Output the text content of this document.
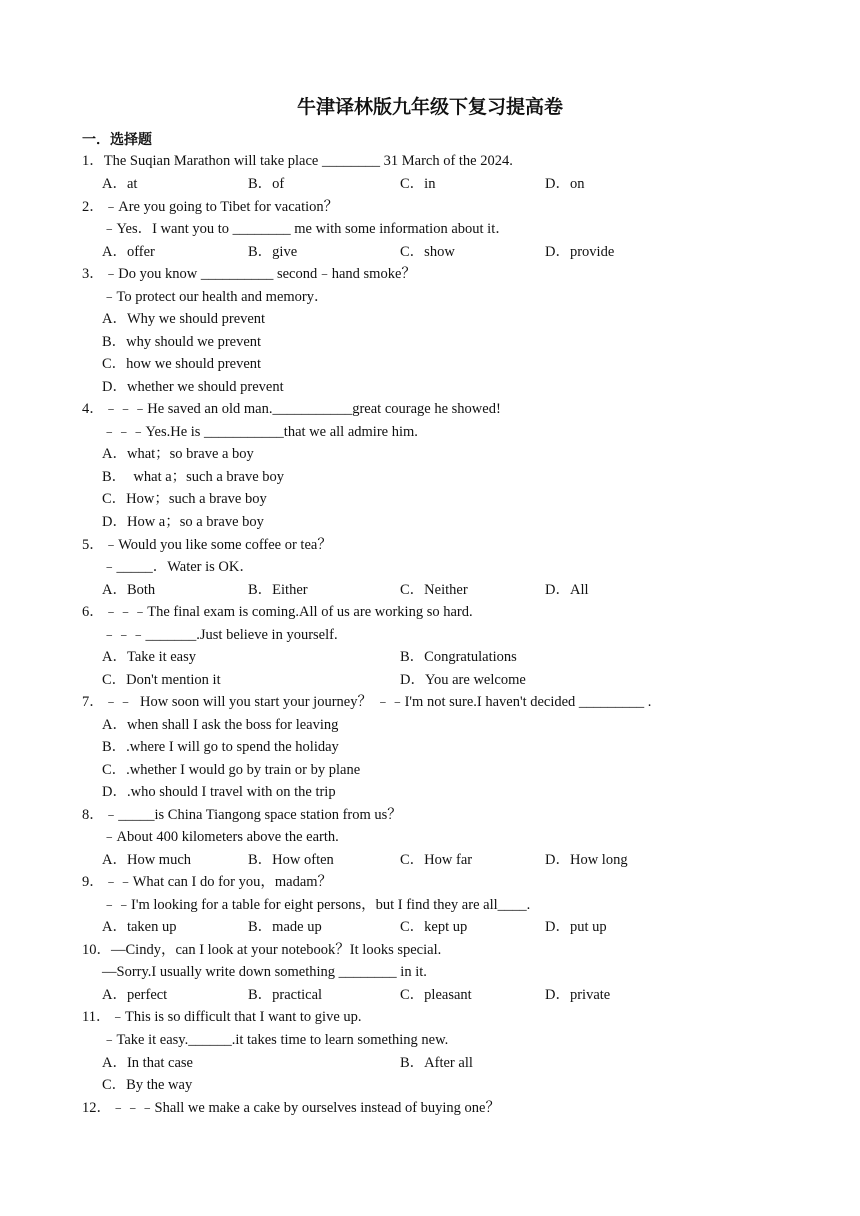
牛津译林版九年级下复习提高卷
一．选择题
1．The Suqian Marathon will take place ________ 31 March of the 2024.
A．at	B．of	C．in	D．on
2．﹣Are you going to Tibet for vacation？
﹣Yes．I want you to ________ me with some information about it．
A．offer	B．give	C．show	D．provide
3．﹣Do you know __________ second﹣hand smoke？
﹣To protect our health and memory．
A．Why we should prevent
B．why should we prevent
C．how we should prevent
D．whether we should prevent
4．﹣﹣﹣He saved an old man.___________great courage he showed!
﹣﹣﹣Yes.He is ___________that we all admire him.
A．what；so brave a boy
B．  what a；such a brave boy
C．How；such a brave boy
D．How a；so a brave boy
5．﹣Would you like some coffee or tea？
﹣_____．Water is OK．
A．Both	B．Either	C．Neither	D．All
6．﹣﹣﹣The final exam is coming.All of us are working so hard.
﹣﹣﹣_______.Just believe in yourself.
A．Take it easy	B．Congratulations
C．Don't mention it	D．You are welcome
7．﹣﹣  How soon will you start your journey？ ﹣﹣I'm not sure.I haven't decided _________ .
A．when shall I ask the boss for leaving
B．.where I will go to spend the holiday
C．.whether I would go by train or by plane
D．.who should I travel with on the trip
8．﹣_____is China Tiangong space station from us？
﹣About 400 kilometers above the earth.
A．How much	B．How often	C．How far	D．How long
9．﹣﹣What can I do for you，madam？
﹣﹣I'm looking for a table for eight persons，but I find they are all____.
A．taken up	B．made up	C．kept up	D．put up
10．—Cindy，can I look at your notebook？It looks special.
—Sorry.I usually write down something ________ in it.
A．perfect	B．practical	C．pleasant	D．private
11．﹣This is so difficult that I want to give up.
﹣Take it easy.______.it takes time to learn something new.
A．In that case	B．After all
C．By the way
12．﹣﹣﹣Shall we make a cake by ourselves instead of buying one？
